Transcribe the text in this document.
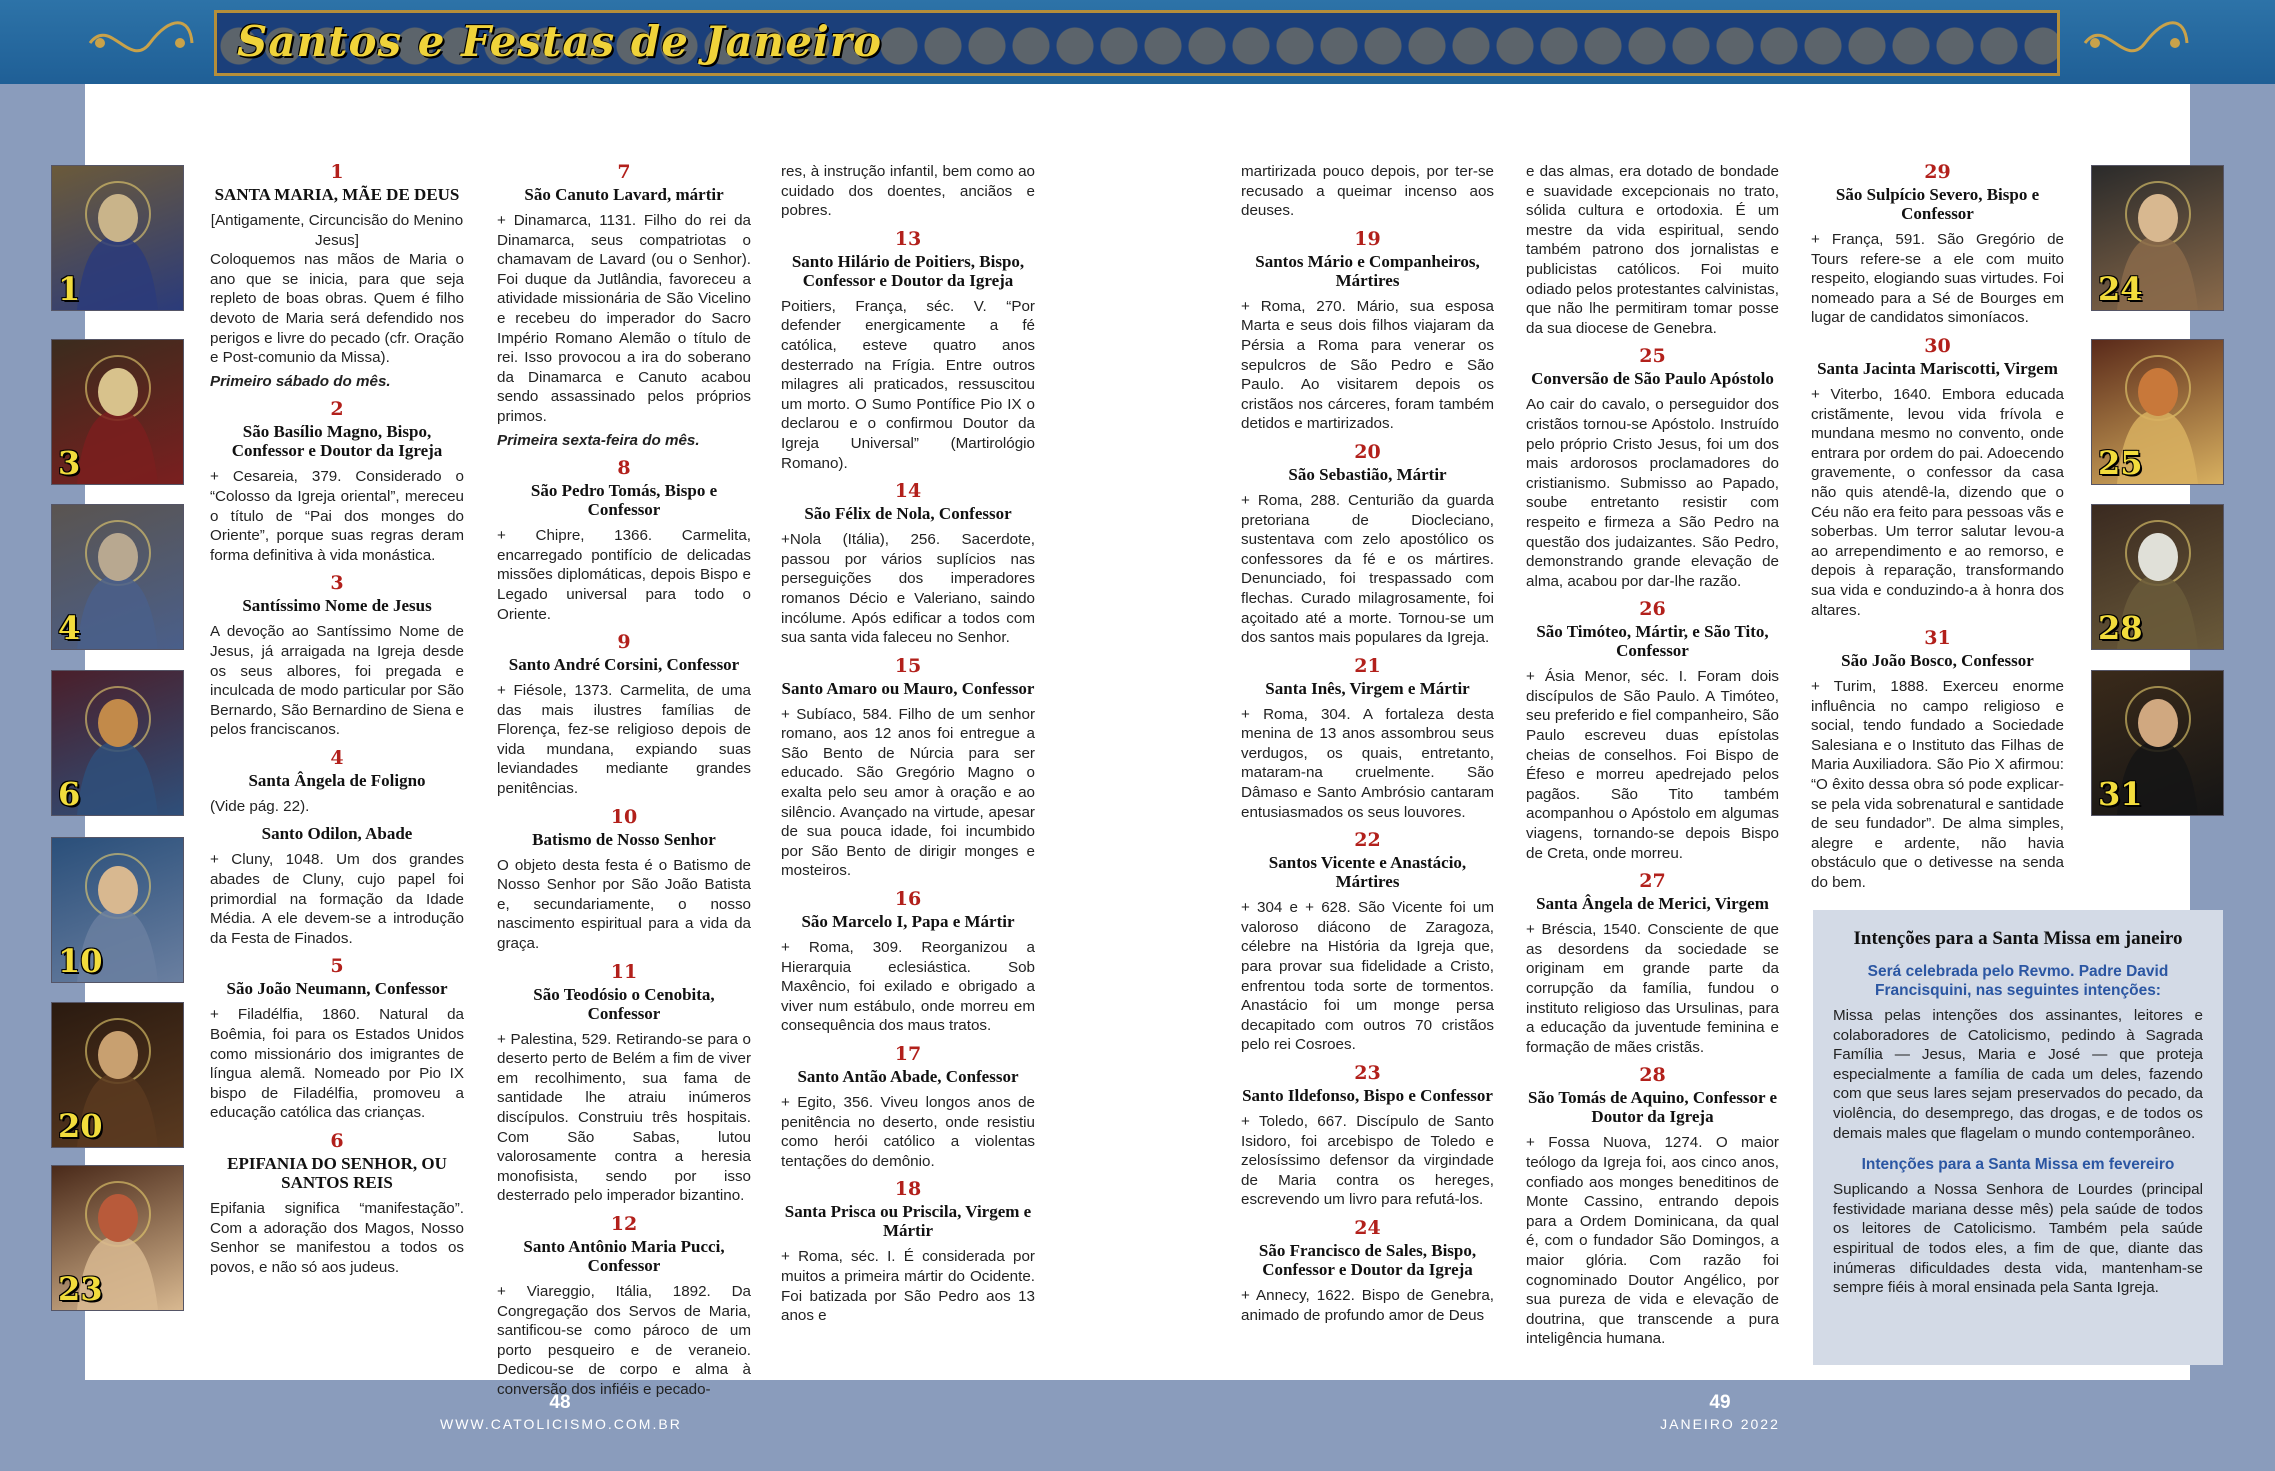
Santos e Festas de Janeiro
1
3
4
6
10
20
23
24
25
28
31
1
SANTA MARIA, MÃE DE DEUS
[Antigamente, Circuncisão do Menino Jesus]

Coloquemos nas mãos de Maria o ano que se inicia, para que seja repleto de boas obras. Quem é filho devoto de Maria será defendido nos perigos e livre do pecado (cfr. Oração e Post-comunio da Missa).
Primeiro sábado do mês.

2
São Basílio Magno, Bispo, Confessor e Doutor da Igreja

+ Cesareia, 379. Considerado o “Colosso da Igreja oriental”, mereceu o título de “Pai dos monges do Oriente”, porque suas regras deram forma definitiva à vida monástica.

3
Santíssimo Nome de Jesus

A devoção ao Santíssimo Nome de Jesus, já arraigada na Igreja desde os seus albores, foi pregada e inculcada de modo particular por São Bernardo, São Bernardino de Siena e pelos franciscanos.

4
Santa Ângela de Foligno

(Vide pág. 22).

Santo Odilon, Abade

+ Cluny, 1048. Um dos grandes abades de Cluny, cujo papel foi primordial na formação da Idade Média. A ele devem-se a introdução da Festa de Finados.

5
São João Neumann, Confessor

+ Filadélfia, 1860. Natural da Boêmia, foi para os Estados Unidos como missionário dos imigrantes de língua alemã. Nomeado por Pio IX bispo de Filadélfia, promoveu a educação católica das crianças.

6
EPIFANIA DO SENHOR, OU SANTOS REIS

Epifania significa “manifestação”. Com a adoração dos Magos, Nosso Senhor se manifestou a todos os povos, e não só aos judeus.

7
São Canuto Lavard, mártir

+ Dinamarca, 1131. Filho do rei da Dinamarca, seus compatriotas o chamavam de Lavard (ou o Senhor). Foi duque da Jutlândia, favoreceu a atividade missionária de São Vicelino e recebeu do imperador do Sacro Império Romano Alemão o título de rei. Isso provocou a ira do soberano da Dinamarca e Canuto acabou sendo assassinado pelos próprios primos.
Primeira sexta-feira do mês.

8
São Pedro Tomás, Bispo e Confessor

+ Chipre, 1366. Carmelita, encarregado pontifício de delicadas missões diplomáticas, depois Bispo e Legado universal para todo o Oriente.

9
Santo André Corsini, Confessor

+ Fiésole, 1373. Carmelita, de uma das mais ilustres famílias de Florença, fez-se religioso depois de vida mundana, expiando suas leviandades mediante grandes penitências.

10
Batismo de Nosso Senhor

O objeto desta festa é o Batismo de Nosso Senhor por São João Batista e, secundariamente, o nosso nascimento espiritual para a vida da graça.

11
São Teodósio o Cenobita, Confessor

+ Palestina, 529. Retirando-se para o deserto perto de Belém a fim de viver em recolhimento, sua fama de santidade lhe atraiu inúmeros discípulos. Construiu três hospitais. Com São Sabas, lutou valorosamente contra a heresia monofisista, sendo por isso desterrado pelo imperador bizantino.

12
Santo Antônio Maria Pucci, Confessor

+ Viareggio, Itália, 1892. Da Congregação dos Servos de Maria, santificou-se como pároco de um porto pesqueiro e de veraneio. Dedicou-se de corpo e alma à conversão dos infiéis e pecado-

res, à instrução infantil, bem como ao cuidado dos doentes, anciãos e pobres.

13
Santo Hilário de Poitiers, Bispo, Confessor e Doutor da Igreja

Poitiers, França, séc. V. “Por defender energicamente a fé católica, esteve quatro anos desterrado na Frígia. Entre outros milagres ali praticados, ressuscitou um morto. O Sumo Pontífice Pio IX o declarou e o confirmou Doutor da Igreja Universal” (Martirológio Romano).

14
São Félix de Nola, Confessor

+Nola (Itália), 256. Sacerdote, passou por vários suplícios nas perseguições dos imperadores romanos Décio e Valeriano, saindo incólume. Após edificar a todos com sua santa vida faleceu no Senhor.

15
Santo Amaro ou Mauro, Confessor

+ Subíaco, 584. Filho de um senhor romano, aos 12 anos foi entregue a São Bento de Núrcia para ser educado. São Gregório Magno o exalta pelo seu amor à oração e ao silêncio. Avançado na virtude, apesar de sua pouca idade, foi incumbido por São Bento de dirigir monges e mosteiros.

16
São Marcelo I, Papa e Mártir

+ Roma, 309. Reorganizou a Hierarquia eclesiástica. Sob Maxêncio, foi exilado e obrigado a viver num estábulo, onde morreu em consequência dos maus tratos.

17
Santo Antão Abade, Confessor

+ Egito, 356. Viveu longos anos de penitência no deserto, onde resistiu como herói católico a violentas tentações do demônio.

18
Santa Prisca ou Priscila, Virgem e Mártir

+ Roma, séc. I. É considerada por muitos a primeira mártir do Ocidente. Foi batizada por São Pedro aos 13 anos e

martirizada pouco depois, por ter-se recusado a queimar incenso aos deuses.

19
Santos Mário e Companheiros, Mártires

+ Roma, 270. Mário, sua esposa Marta e seus dois filhos viajaram da Pérsia a Roma para venerar os sepulcros de São Pedro e São Paulo. Ao visitarem depois os cristãos nos cárceres, foram também detidos e martirizados.

20
São Sebastião, Mártir

+ Roma, 288. Centurião da guarda pretoriana de Diocleciano, sustentava com zelo apostólico os confessores da fé e os mártires. Denunciado, foi trespassado com flechas. Curado milagrosamente, foi açoitado até a morte. Tornou-se um dos santos mais populares da Igreja.

21
Santa Inês, Virgem e Mártir

+ Roma, 304. A fortaleza desta menina de 13 anos assombrou seus verdugos, os quais, entretanto, mataram-na cruelmente. São Dâmaso e Santo Ambrósio cantaram entusiasmados os seus louvores.

22
Santos Vicente e Anastácio, Mártires

+ 304 e + 628. São Vicente foi um valoroso diácono de Zaragoza, célebre na História da Igreja que, para provar sua fidelidade a Cristo, enfrentou toda sorte de tormentos. Anastácio foi um monge persa decapitado com outros 70 cristãos pelo rei Cosroes.

23
Santo Ildefonso, Bispo e Confessor

+ Toledo, 667. Discípulo de Santo Isidoro, foi arcebispo de Toledo e zelosíssimo defensor da virgindade de Maria contra os hereges, escrevendo um livro para refutá-los.

24
São Francisco de Sales, Bispo, Confessor e Doutor da Igreja

+ Annecy, 1622. Bispo de Genebra, animado de profundo amor de Deus

e das almas, era dotado de bondade e suavidade excepcionais no trato, sólida cultura e ortodoxia. É um mestre da vida espiritual, sendo também patrono dos jornalistas e publicistas católicos. Foi muito odiado pelos protestantes calvinistas, que não lhe permitiram tomar posse da sua diocese de Genebra.

25
Conversão de São Paulo Apóstolo

Ao cair do cavalo, o perseguidor dos cristãos tornou-se Apóstolo. Instruído pelo próprio Cristo Jesus, foi um dos mais ardorosos proclamadores do cristianismo. Submisso ao Papado, soube entretanto resistir com respeito e firmeza a São Pedro na questão dos judaizantes. São Pedro, demonstrando grande elevação de alma, acabou por dar-lhe razão.

26
São Timóteo, Mártir, e São Tito, Confessor

+ Ásia Menor, séc. I. Foram dois discípulos de São Paulo. A Timóteo, seu preferido e fiel companheiro, São Paulo escreveu duas epístolas cheias de conselhos. Foi Bispo de Éfeso e morreu apedrejado pelos pagãos. São Tito também acompanhou o Apóstolo em algumas viagens, tornando-se depois Bispo de Creta, onde morreu.

27
Santa Ângela de Merici, Virgem

+ Bréscia, 1540. Consciente de que as desordens da sociedade se originam em grande parte da corrupção da família, fundou o instituto religioso das Ursulinas, para a educação da juventude feminina e formação de mães cristãs.

28
São Tomás de Aquino, Confessor e Doutor da Igreja

+ Fossa Nuova, 1274. O maior teólogo da Igreja foi, aos cinco anos, confiado aos monges beneditinos de Monte Cassino, entrando depois para a Ordem Dominicana, da qual é, com o fundador São Domingos, a maior glória. Com razão foi cognominado Doutor Angélico, por sua pureza de vida e elevação de doutrina, que transcende a pura inteligência humana.

29
São Sulpício Severo, Bispo e Confessor

+ França, 591. São Gregório de Tours refere-se a ele com muito respeito, elogiando suas virtudes. Foi nomeado para a Sé de Bourges em lugar de candidatos simoníacos.

30
Santa Jacinta Mariscotti, Virgem

+ Viterbo, 1640. Embora educada cristãmente, levou vida frívola e mundana mesmo no convento, onde entrara por ordem do pai. Adoecendo gravemente, o confessor da casa não quis atendê-la, dizendo que o Céu não era feito para pessoas vãs e soberbas. Um terror salutar levou-a ao arrependimento e ao remorso, e depois à reparação, transformando sua vida e conduzindo-a à honra dos altares.

31
São João Bosco, Confessor

+ Turim, 1888. Exerceu enorme influência no campo religioso e social, tendo fundado a Sociedade Salesiana e o Instituto das Filhas de Maria Auxiliadora. São Pio X afirmou: “O êxito dessa obra só pode explicar-se pela vida sobrenatural e santidade de seu fundador”. De alma simples, alegre e ardente, não havia obstáculo que o detivesse na senda do bem.

Intenções para a Santa Missa em janeiro
Será celebrada pelo Revmo. Padre David Francisquini, nas seguintes intenções:

Missa pelas intenções dos assinantes, leitores e colaboradores de Catolicismo, pedindo à Sagrada Família — Jesus, Maria e José — que proteja especialmente a família de cada um deles, fazendo com que seus lares sejam preservados do pecado, da violência, do desemprego, das drogas, e de todos os demais males que flagelam o mundo contemporâneo.

Intenções para a Santa Missa em fevereiro

Suplicando a Nossa Senhora de Lourdes (principal festividade mariana desse mês) pela saúde de todos os leitores de Catolicismo. Também pela saúde espiritual de todos eles, a fim de que, diante das inúmeras dificuldades desta vida, mantenham-se sempre fiéis à moral ensinada pela Santa Igreja.

48
WWW.CATOLICISMO.COM.BR
49
JANEIRO 2022
